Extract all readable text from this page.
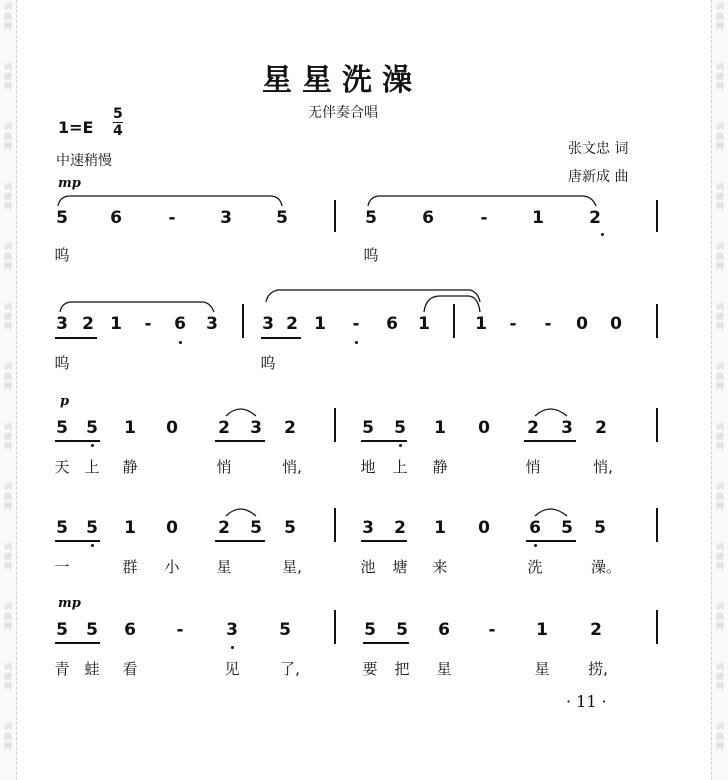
词
曲
网
词
曲
网
词
曲
网
词
曲
网
词
曲
网
词
曲
网
词
曲
网
词
曲
网
词
曲
网
词
曲
网
词
曲
网
词
曲
网
词
曲
网
词
曲
网
词
曲
网
词
曲
网
词
曲
网
词
曲
网
词
曲
网
词
曲
网
词
曲
网
词
曲
网
词
曲
网
词
曲
网
词
曲
网
词
曲
网
星星洗澡
无伴奏合唱
1=E
5
4
中速稍慢
张文忠 词
唐新成 曲
mp
p
mp
5 6	-	3	5	5	6	-	1	2
呜	呜
3 2 1	-	6 3	3 2 1	-	6 1	1	-	-	0 0
呜	呜
5 5 1 0 2 3 2	5 5 1 0 2 3 2
天 上	静	悄	悄,	地	上	静	悄	悄,
5 5 1 0 2 5 5	3 2 1 0 6 5 5
一	群	小	星	星,	池	塘	来	洗	澡。
5 5 6	-	3 5	5 5 6	-	1 2
青 蛙	看	见	了,	要	把	星	星	捞,
· 11 ·
